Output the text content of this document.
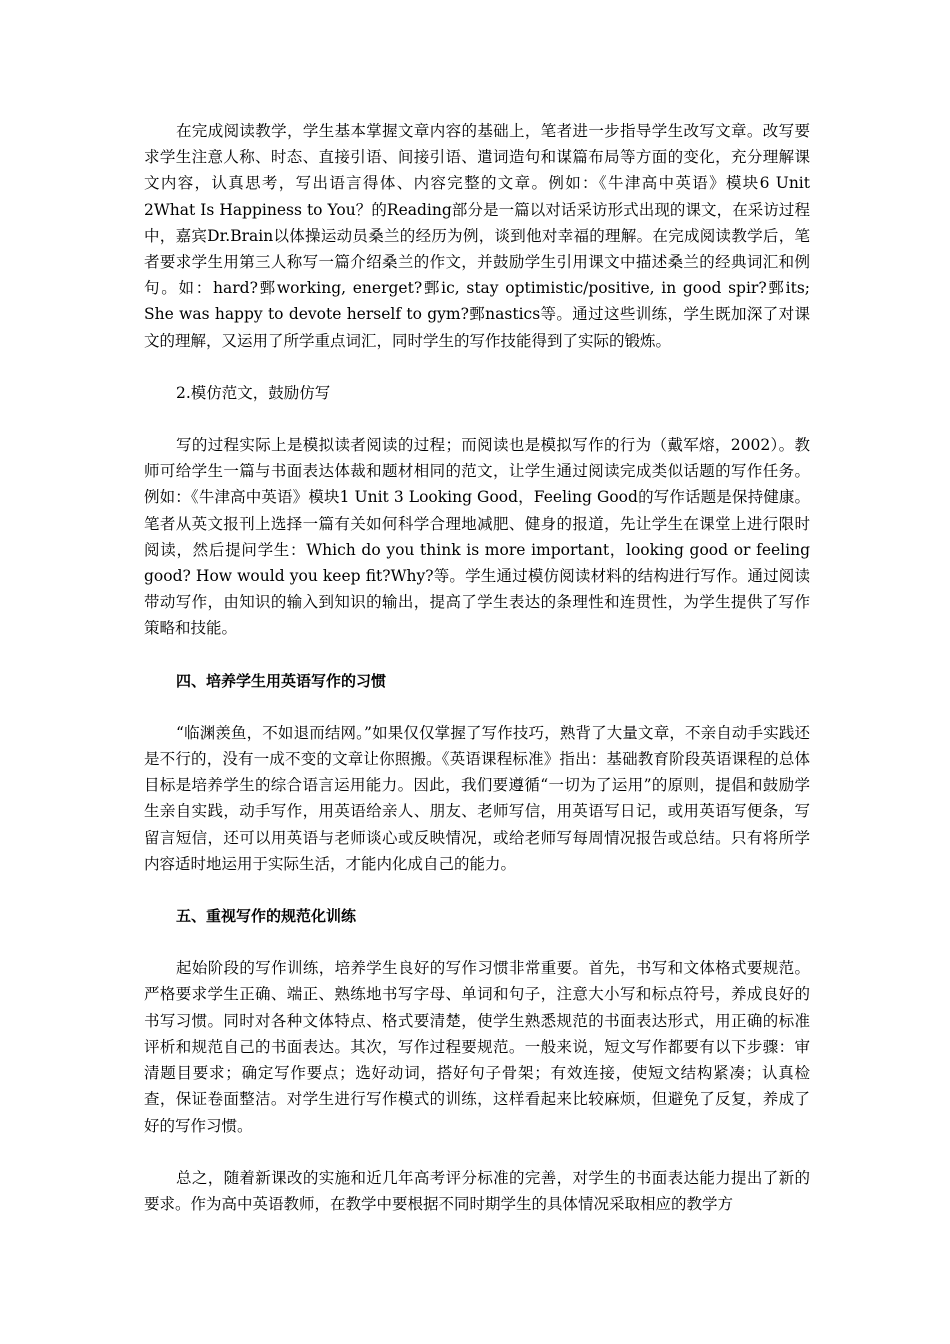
在完成阅读教学，学生基本掌握文章内容的基础上，笔者进一步指导学生改写文章。改写要求学生注意人称、时态、直接引语、间接引语、遣词造句和谋篇布局等方面的变化，充分理解课文内容，认真思考，写出语言得体、内容完整的文章。例如：《牛津高中英语》模块6 Unit 2What Is Happiness to You？的Reading部分是一篇以对话采访形式出现的课文，在采访过程中，嘉宾Dr.Brain以体操运动员桑兰的经历为例，谈到他对幸福的理解。在完成阅读教学后，笔者要求学生用第三人称写一篇介绍桑兰的作文，并鼓励学生引用课文中描述桑兰的经典词汇和例句。如：hard?鄄working, energet?鄄ic, stay optimistic/positive, in good spir?鄄its; She was happy to devote herself to gym?鄄nastics等。通过这些训练，学生既加深了对课文的理解，又运用了所学重点词汇，同时学生的写作技能得到了实际的锻炼。

2.模仿范文，鼓励仿写

写的过程实际上是模拟读者阅读的过程；而阅读也是模拟写作的行为（戴军熔，2002）。教师可给学生一篇与书面表达体裁和题材相同的范文，让学生通过阅读完成类似话题的写作任务。例如：《牛津高中英语》模块1 Unit 3 Looking Good，Feeling Good的写作话题是保持健康。笔者从英文报刊上选择一篇有关如何科学合理地减肥、健身的报道，先让学生在课堂上进行限时阅读，然后提问学生：Which do you think is more important，looking good or feeling good? How would you keep fit?Why?等。学生通过模仿阅读材料的结构进行写作。通过阅读带动写作，由知识的输入到知识的输出，提高了学生表达的条理性和连贯性，为学生提供了写作策略和技能。

四、培养学生用英语写作的习惯

“临渊羡鱼，不如退而结网。”如果仅仅掌握了写作技巧，熟背了大量文章，不亲自动手实践还是不行的，没有一成不变的文章让你照搬。《英语课程标准》指出：基础教育阶段英语课程的总体目标是培养学生的综合语言运用能力。因此，我们要遵循“一切为了运用”的原则，提倡和鼓励学生亲自实践，动手写作，用英语给亲人、朋友、老师写信，用英语写日记，或用英语写便条，写留言短信，还可以用英语与老师谈心或反映情况，或给老师写每周情况报告或总结。只有将所学内容适时地运用于实际生活，才能内化成自己的能力。

五、重视写作的规范化训练

起始阶段的写作训练，培养学生良好的写作习惯非常重要。首先，书写和文体格式要规范。严格要求学生正确、端正、熟练地书写字母、单词和句子，注意大小写和标点符号，养成良好的书写习惯。同时对各种文体特点、格式要清楚，使学生熟悉规范的书面表达形式，用正确的标准评析和规范自己的书面表达。其次，写作过程要规范。一般来说，短文写作都要有以下步骤：审清题目要求；确定写作要点；选好动词，搭好句子骨架；有效连接，使短文结构紧凑；认真检查，保证卷面整洁。对学生进行写作模式的训练，这样看起来比较麻烦，但避免了反复，养成了好的写作习惯。

总之，随着新课改的实施和近几年高考评分标准的完善，对学生的书面表达能力提出了新的要求。作为高中英语教师，在教学中要根据不同时期学生的具体情况采取相应的教学方
